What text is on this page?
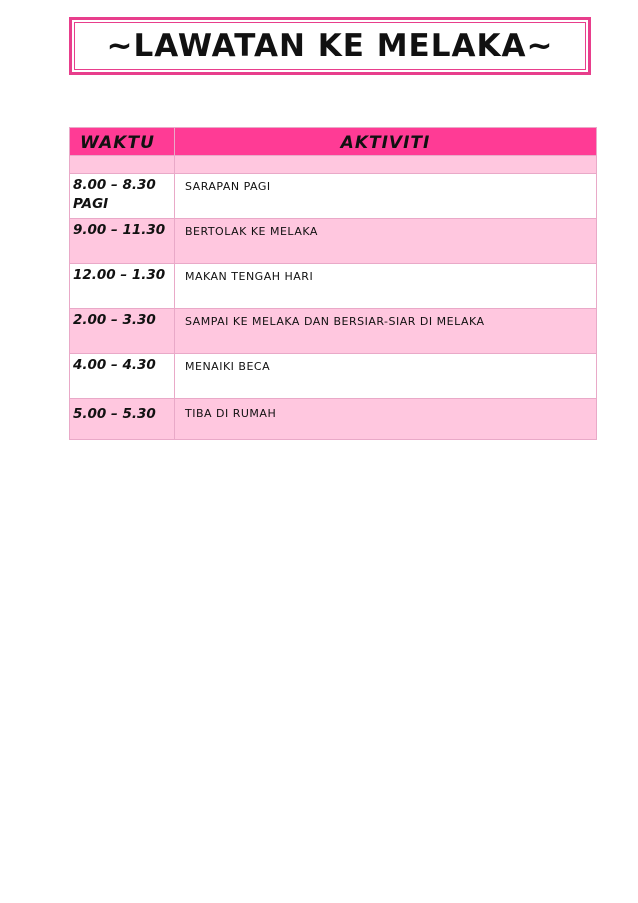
~LAWATAN KE MELAKA~
WAKTU	AKTIVITI

8.00 – 8.30 PAGI	SARAPAN PAGI
9.00 – 11.30	BERTOLAK KE MELAKA
12.00 – 1.30	MAKAN TENGAH HARI
2.00 – 3.30	SAMPAI KE MELAKA DAN BERSIAR-SIAR DI MELAKA
4.00 – 4.30	MENAIKI BECA
5.00 – 5.30	TIBA DI RUMAH
